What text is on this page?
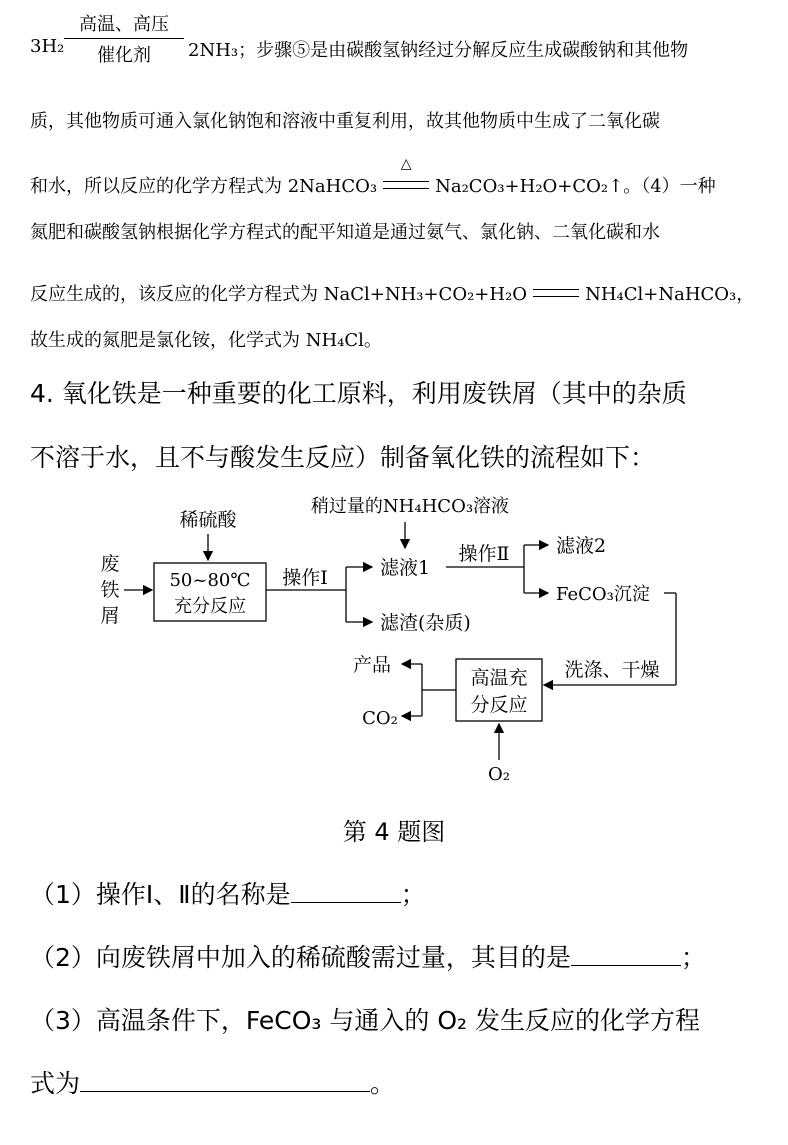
3H₂
高温、高压
催化剂	2NH₃；步骤⑤是由碳酸氢钠经过分解反应生成碳酸钠和其他物
质，其他物质可通入氯化钠饱和溶液中重复利用，故其他物质中生成了二氧化碳
和水，所以反应的化学方程式为 2NaHCO₃
△
Na₂CO₃+H₂O+CO₂↑。（4）一种
氮肥和碳酸氢钠根据化学方程式的配平知道是通过氨气、氯化钠、二氧化碳和水
反应生成的，该反应的化学方程式为 NaCl+NH₃+CO₂+H₂O	NH₄Cl+NaHCO₃，
故生成的氮肥是氯化铵，化学式为 NH₄Cl。
4. 氧化铁是一种重要的化工原料，利用废铁屑（其中的杂质
不溶于水，且不与酸发生反应）制备氧化铁的流程如下：
废
铁
屑
稀硫酸
50~80℃
充分反应
操作Ⅰ	滤液1
滤渣(杂质)
稍过量的NH₄HCO₃溶液
操作Ⅱ 滤液2
FeCO₃沉淀
洗涤、干燥
高温充
分反应
O₂
产品
CO₂
第 4 题图
（1）操作Ⅰ、Ⅱ的名称是	；
（2）向废铁屑中加入的稀硫酸需过量，其目的是	；
（3）高温条件下，FeCO₃ 与通入的 O₂ 发生反应的化学方程
式为	。
